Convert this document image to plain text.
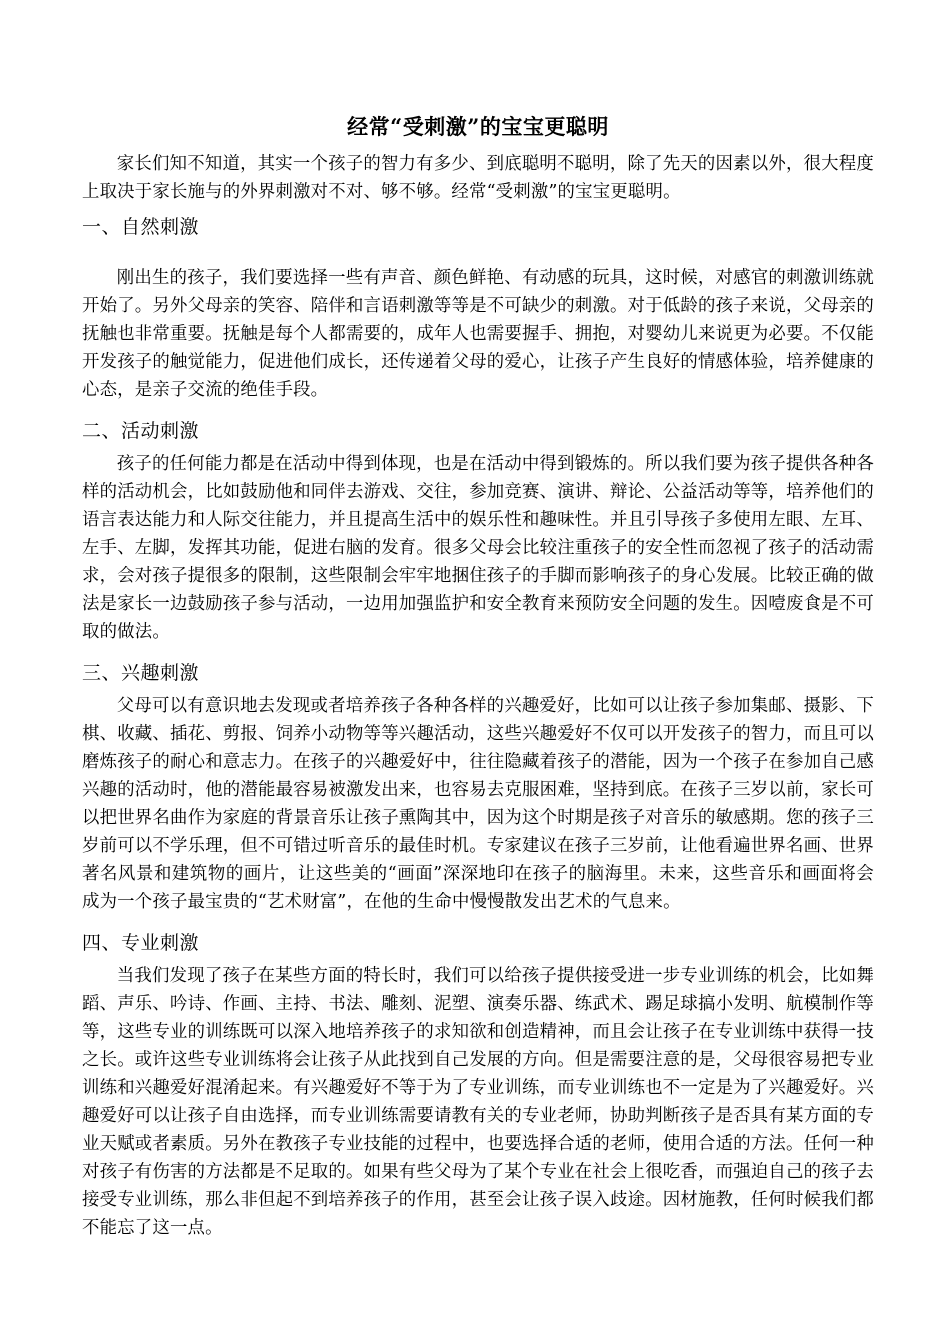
经常“受刺激”的宝宝更聪明

家长们知不知道，其实一个孩子的智力有多少、到底聪明不聪明，除了先天的因素以外，很大程度上取决于家长施与的外界刺激对不对、够不够。经常“受刺激”的宝宝更聪明。

一、自然刺激

刚出生的孩子，我们要选择一些有声音、颜色鲜艳、有动感的玩具，这时候，对感官的刺激训练就开始了。另外父母亲的笑容、陪伴和言语刺激等等是不可缺少的刺激。对于低龄的孩子来说，父母亲的抚触也非常重要。抚触是每个人都需要的，成年人也需要握手、拥抱，对婴幼儿来说更为必要。不仅能开发孩子的触觉能力，促进他们成长，还传递着父母的爱心，让孩子产生良好的情感体验，培养健康的心态，是亲子交流的绝佳手段。

二、活动刺激

孩子的任何能力都是在活动中得到体现，也是在活动中得到锻炼的。所以我们要为孩子提供各种各样的活动机会，比如鼓励他和同伴去游戏、交往，参加竞赛、演讲、辩论、公益活动等等，培养他们的语言表达能力和人际交往能力，并且提高生活中的娱乐性和趣味性。并且引导孩子多使用左眼、左耳、左手、左脚，发挥其功能，促进右脑的发育。很多父母会比较注重孩子的安全性而忽视了孩子的活动需求，会对孩子提很多的限制，这些限制会牢牢地捆住孩子的手脚而影响孩子的身心发展。比较正确的做法是家长一边鼓励孩子参与活动，一边用加强监护和安全教育来预防安全问题的发生。因噎废食是不可取的做法。

三、兴趣刺激

父母可以有意识地去发现或者培养孩子各种各样的兴趣爱好，比如可以让孩子参加集邮、摄影、下棋、收藏、插花、剪报、饲养小动物等等兴趣活动，这些兴趣爱好不仅可以开发孩子的智力，而且可以磨炼孩子的耐心和意志力。在孩子的兴趣爱好中，往往隐藏着孩子的潜能，因为一个孩子在参加自己感兴趣的活动时，他的潜能最容易被激发出来，也容易去克服困难，坚持到底。在孩子三岁以前，家长可以把世界名曲作为家庭的背景音乐让孩子熏陶其中，因为这个时期是孩子对音乐的敏感期。您的孩子三岁前可以不学乐理，但不可错过听音乐的最佳时机。专家建议在孩子三岁前，让他看遍世界名画、世界著名风景和建筑物的画片，让这些美的“画面”深深地印在孩子的脑海里。未来，这些音乐和画面将会成为一个孩子最宝贵的“艺术财富”，在他的生命中慢慢散发出艺术的气息来。

四、专业刺激

当我们发现了孩子在某些方面的特长时，我们可以给孩子提供接受进一步专业训练的机会，比如舞蹈、声乐、吟诗、作画、主持、书法、雕刻、泥塑、演奏乐器、练武术、踢足球搞小发明、航模制作等等，这些专业的训练既可以深入地培养孩子的求知欲和创造精神，而且会让孩子在专业训练中获得一技之长。或许这些专业训练将会让孩子从此找到自己发展的方向。但是需要注意的是，父母很容易把专业训练和兴趣爱好混淆起来。有兴趣爱好不等于为了专业训练，而专业训练也不一定是为了兴趣爱好。兴趣爱好可以让孩子自由选择，而专业训练需要请教有关的专业老师，协助判断孩子是否具有某方面的专业天赋或者素质。另外在教孩子专业技能的过程中，也要选择合适的老师，使用合适的方法。任何一种对孩子有伤害的方法都是不足取的。如果有些父母为了某个专业在社会上很吃香，而强迫自己的孩子去接受专业训练，那么非但起不到培养孩子的作用，甚至会让孩子误入歧途。因材施教，任何时候我们都不能忘了这一点。
